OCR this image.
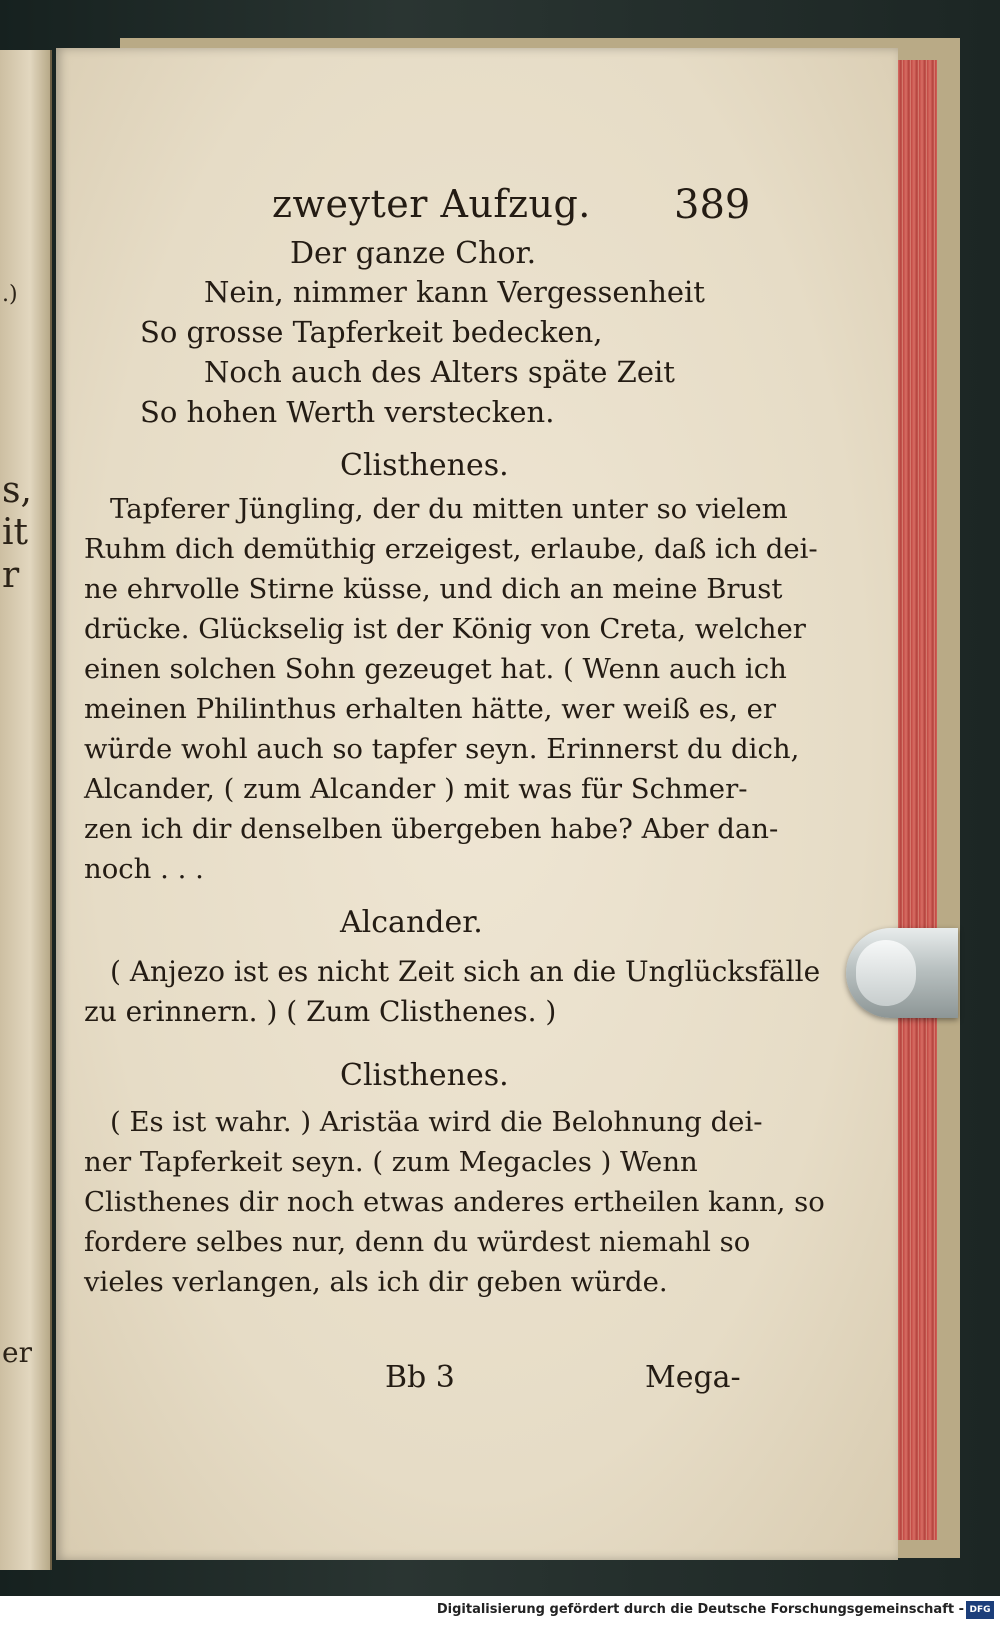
.)
s,
it
r
er
zweyter Aufzug. 389
Der ganze Chor.
Nein, nimmer kann Vergessenheit
So grosse Tapferkeit bedecken,
Noch auch des Alters späte Zeit
So hohen Werth verstecken.
Clisthenes.
Tapferer Jüngling, der du mitten unter so vielem
Ruhm dich demüthig erzeigest, erlaube, daß ich dei-
ne ehrvolle Stirne küsse, und dich an meine Brust
drücke. Glückselig ist der König von Creta, welcher
einen solchen Sohn gezeuget hat. ( Wenn auch ich
meinen Philinthus erhalten hätte, wer weiß es, er
würde wohl auch so tapfer seyn. Erinnerst du dich,
Alcander, ( zum Alcander ) mit was für Schmer-
zen ich dir denselben übergeben habe? Aber dan-
noch . . .
Alcander.
( Anjezo ist es nicht Zeit sich an die Unglücksfälle
zu erinnern. ) ( Zum Clisthenes. )
Clisthenes.
( Es ist wahr. ) Aristäa wird die Belohnung dei-
ner Tapferkeit seyn. ( zum Megacles ) Wenn
Clisthenes dir noch etwas anderes ertheilen kann, so
fordere selbes nur, denn du würdest niemahl so
vieles verlangen, als ich dir geben würde.
Bb 3	Mega-
Digitalisierung gefördert durch die Deutsche Forschungsgemeinschaft - DFG
